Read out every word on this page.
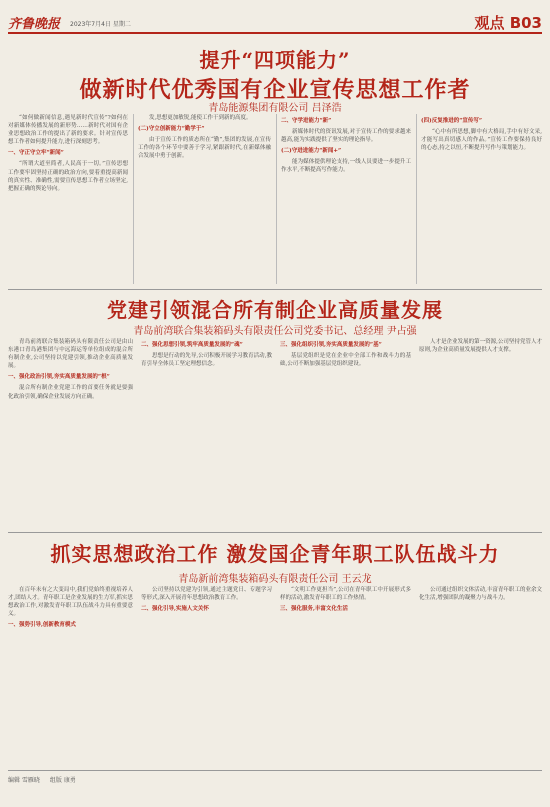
齐鲁晚报 2023年7月4日 星期二	观点 B03
提升“四项能力”
做新时代优秀国有企业宣传思想工作者
青岛能源集团有限公司 吕泽浩

“如何做新闻信息,遇见新时代宣传”?如何在对新媒体传播发展的新形势……新时代对国有企业思想政治工作的提出了新的要求。针对宣传思想工作者如何提升能力,进行深刻思考。

一、守正守立牢“新闻”

“所谓大道至简者,人民高于一切。”宣传思想工作要牢固坚持正确的政治方向,要着重提高新闻的真实性、准确性,需要宣传思想工作者立场坚定,把握正确的舆论导向。

发,思想更加敏锐,能使工作干到新的高度。

(二)守立创新能力“勤学于”

由于宣传工作的质态所在“勤”,集团的发展,在宣传工作的各个环节中要善于学习,紧跟新时代,在新媒体融合发展中勇于创新。

二、守学进能力“新”

新媒体时代的资讯发展,对于宣传工作的要求越来越高,能为实践提供了坚实的理论指导。

(二)守进进能力“新闻+”

能为媒体提供理论支持,一线人员要进一步提升工作水平,不断提高写作能力。

(四)反复推进的“宣传写”

“心中有所思想,脚中有大格局,手中有好文采,才能写出真切感人的作品。”宣传工作要保持良好的心态,持之以恒,不断提升写作与策划能力。

党建引领混合所有制企业高质量发展
青岛前湾联合集装箱码头有限责任公司党委书记、总经理 尹占强

青岛前湾联合集装箱码头有限责任公司是由山东港口青岛港集团与中远海运等单位组成的混合所有制企业,公司坚持以党建引领,推动企业高质量发展。

一、强化政治引领,夯实高质量发展的“根”

混合所有制企业党建工作的首要任务就是要强化政治引领,确保企业发展方向正确。

二、强化思想引领,筑牢高质量发展的“魂”

思想是行动的先导,公司积极开展学习教育活动,教育引导全体员工坚定理想信念。

三、强化组织引领,夯实高质量发展的“基”

基层党组织是党在企业中全部工作和战斗力的基础,公司不断加强基层党组织建设。

人才是企业发展的第一资源,公司坚持党管人才原则,为企业高质量发展提供人才支撑。

抓实思想政治工作 激发国企青年职工队伍战斗力
青岛新前湾集装箱码头有限责任公司 王云龙

在百年未有之大变局中,我们党始终重视培养人才,团结人才。青年职工是企业发展的生力军,抓实思想政治工作,对激发青年职工队伍战斗力具有重要意义。

一、强势引导,创新教育模式

公司坚持以党建为引领,通过主题党日、专题学习等形式,深入开展青年思想政治教育工作。

二、强化引导,实施人文关怀

“文明工作更担当”,公司在青年职工中开展形式多样的活动,激发青年职工的工作热情。

三、强化服务,丰富文化生活

公司通过组织文体活动,丰富青年职工的业余文化生活,增强团队的凝聚力与战斗力。

编辑 雪雁晓 组版 康勇
